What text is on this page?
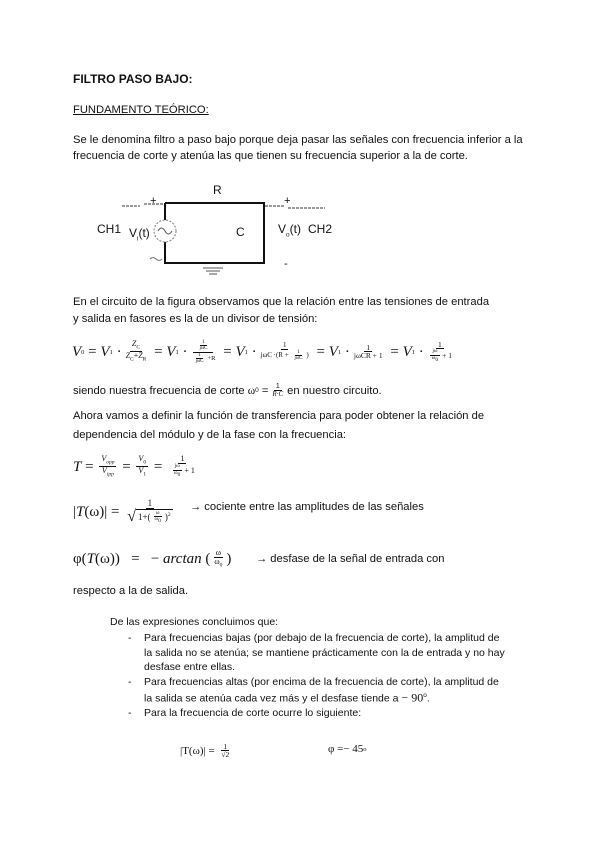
FILTRO PASO BAJO:
FUNDAMENTO TEÓRICO:
Se le denomina filtro a paso bajo porque deja pasar las señales con frecuencia inferior a la
frecuencia de corte y atenúa las que tienen su frecuencia superior a la de corte.
R
C
CH1	CH2
$V_i(t)$	$V_o(t)$
+	+
-
En el circuito de la figura observamos que la relación entre las tensiones de entrada
y salida en fasores es la de un divisor de tensión:
V 0 = V $1 \cdot \frac{Z_C}{Z_C+Z_R} = V$ $1 \cdot \frac{\frac{1}{\text{jωC}}}{\frac{1}{\text{jωC}} +R} = V$ $1 \cdot \frac{1}{j\omega C \cdot(R + \frac{1}{\text{jωC}} )} = V$ $1 \cdot \frac{1}{\text{jωCR + 1}} = V$ $1 \cdot \frac{1}{\frac{j\omega}{\omega_0} + 1}$
siendo nuestra frecuencia de corte
ω 0
= $\frac{1}{R\cdot C}$ en nuestro circuito.
Ahora vamos a definir la función de transferencia para poder obtener la relación de
dependencia del módulo y de la fase con la frecuencia:
$T = \frac{V_{opp}}{V_{ipp}} = \frac{V_0}{V_1} = \frac{1}{\frac{j\omega}{\omega_0} + 1}$
| T $(\omega)| = \frac{1}{√ 1+( \frac{\omega}{\omega_0} )^2}$ → cociente entre las amplitudes de las señales
φ( T (ω))   =   − arctan ( $\frac{\omega}{\omega_0}$ ) → desfase de la señal de entrada con
respecto a la de salida.
De las expresiones concluimos que:
- Para frecuencias bajas (por debajo de la frecuencia de corte), la amplitud de
la salida no se atenúa; se mantiene prácticamente con la de entrada y no hay
desfase entre ellas.
- Para frecuencias altas (por encima de la frecuencia de corte), la amplitud de
la salida se atenúa cada vez más y el desfase tiende $a - 90^o$.
- Para la frecuencia de corte ocurre lo siguiente:
|T(ω)| =
$\frac{1}{√2}$	φ =− 45 o
